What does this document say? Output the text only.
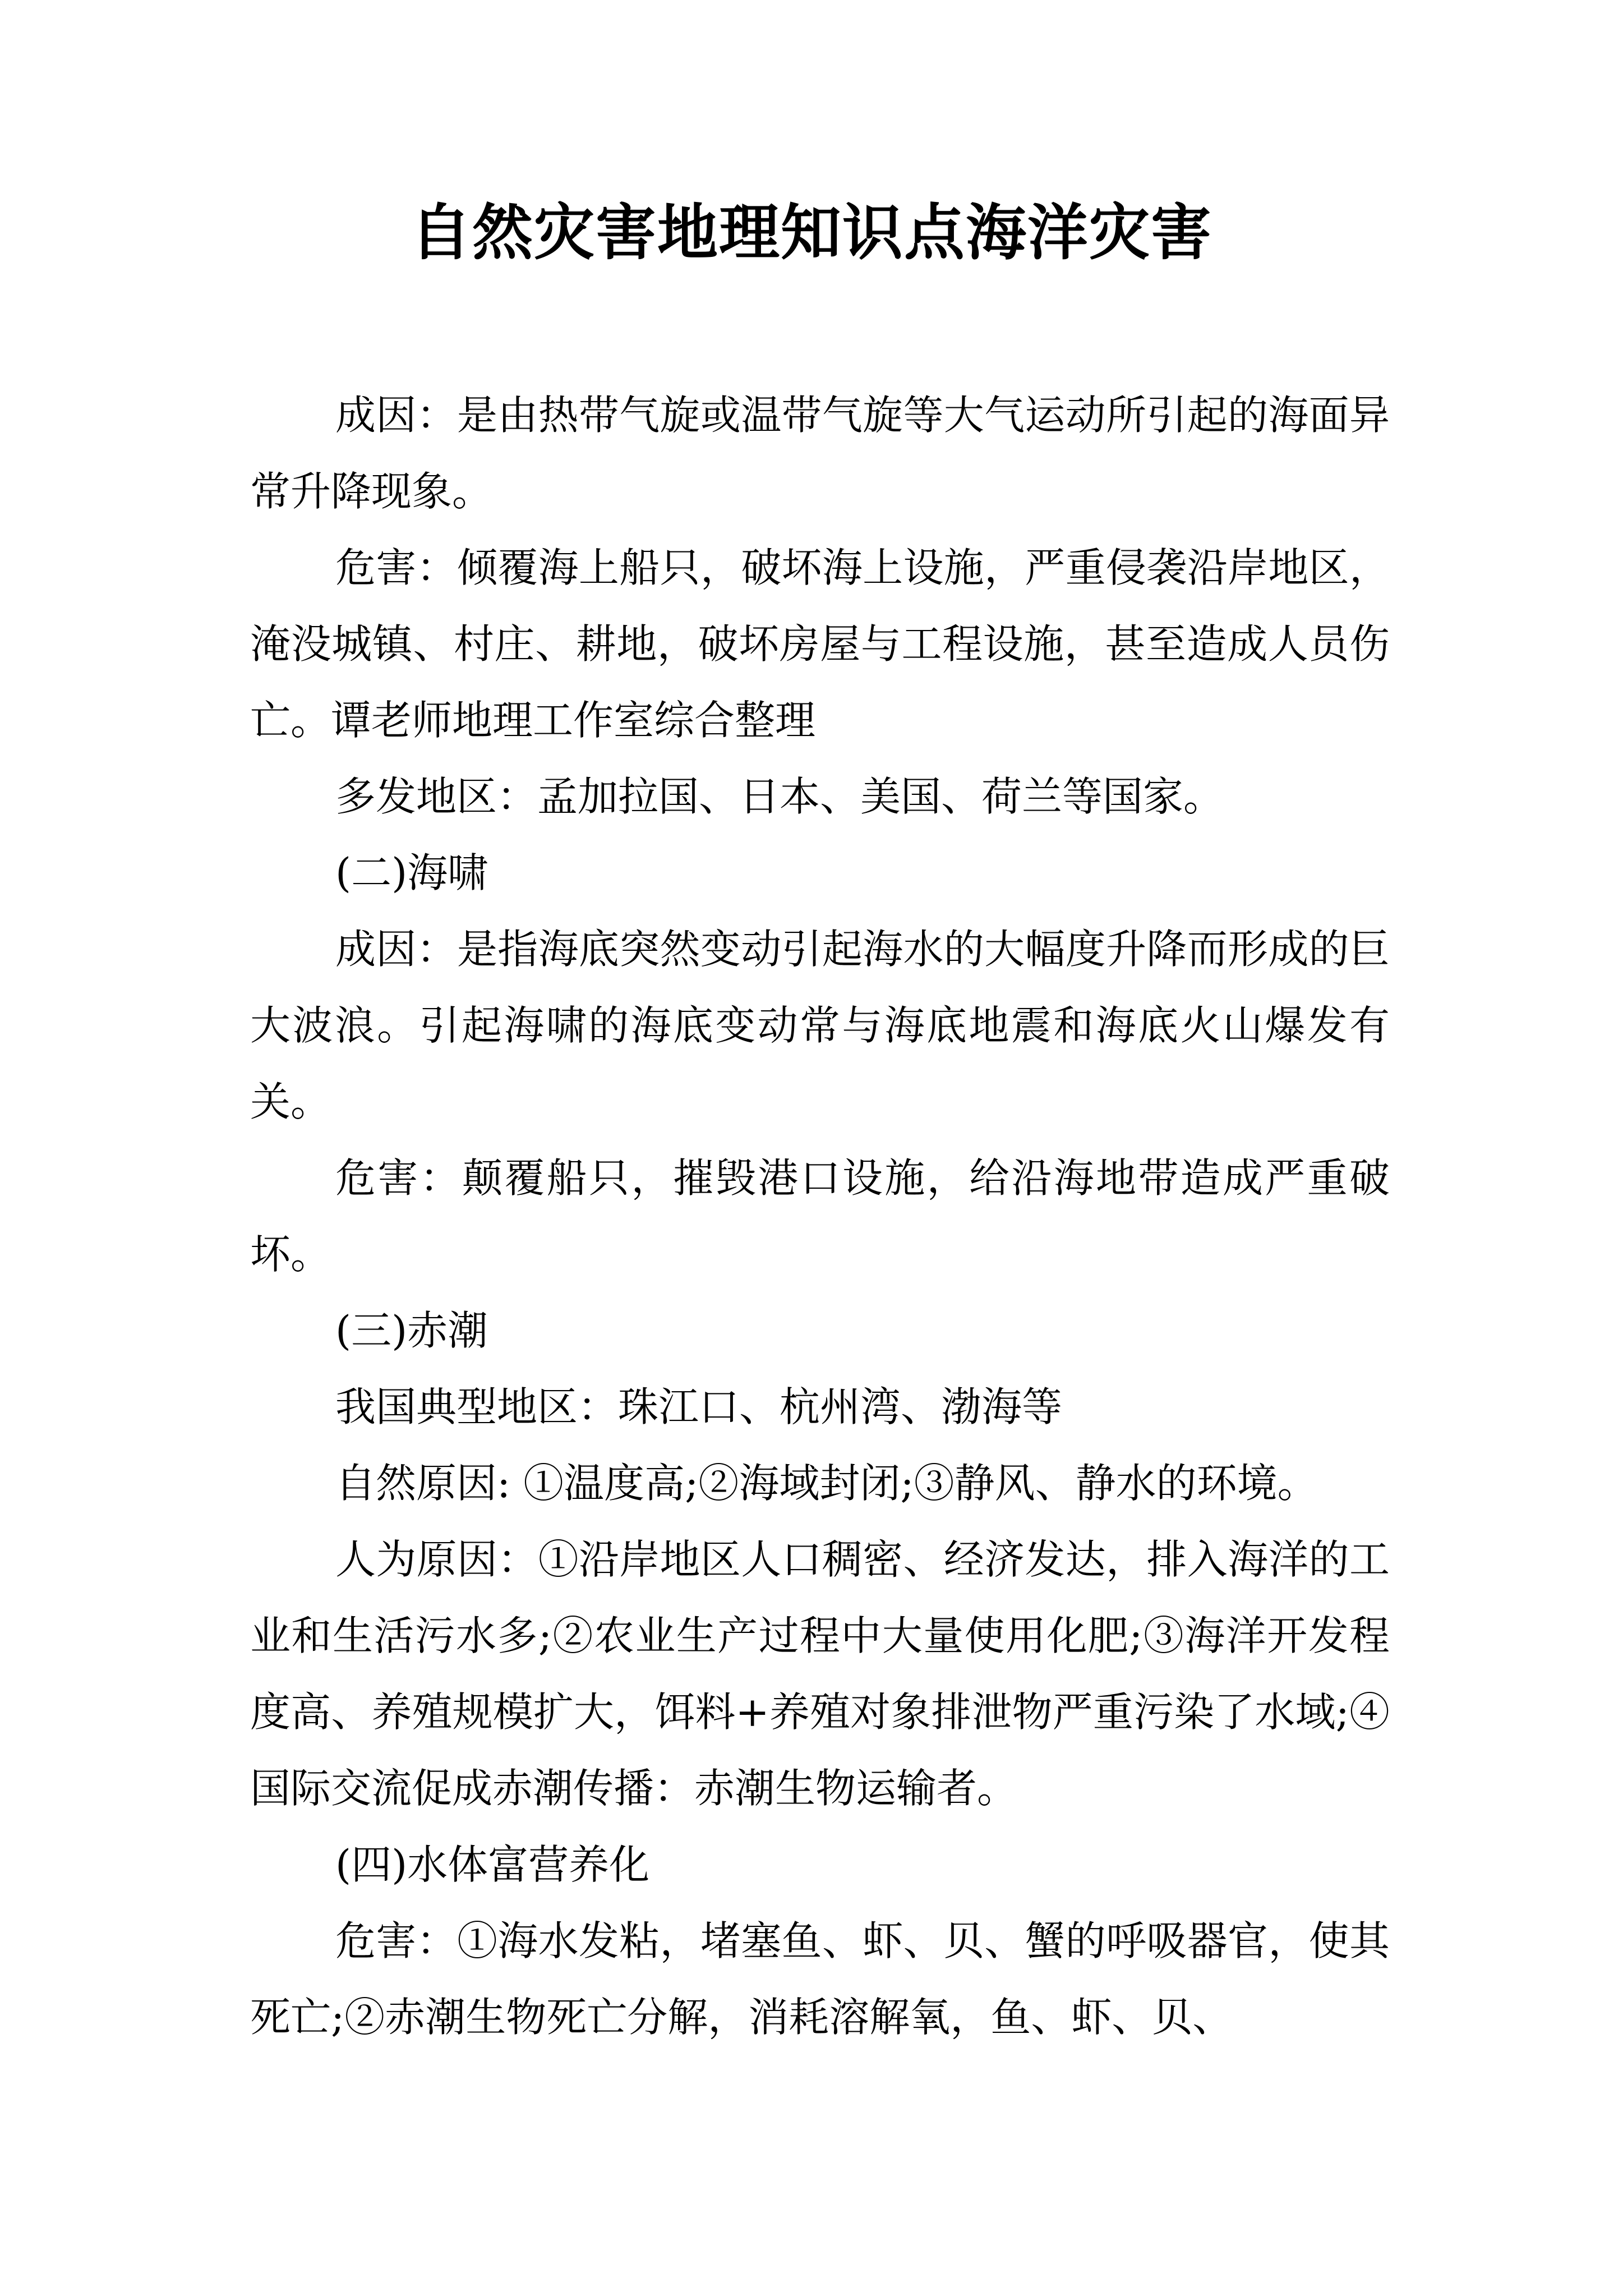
自然灾害地理知识点海洋灾害

成因：是由热带气旋或温带气旋等大气运动所引起的海面异常升降现象。

危害：倾覆海上船只，破坏海上设施，严重侵袭沿岸地区，淹没城镇、村庄、耕地，破坏房屋与工程设施，甚至造成人员伤亡。谭老师地理工作室综合整理

多发地区：孟加拉国、日本、美国、荷兰等国家。

(二)海啸

成因：是指海底突然变动引起海水的大幅度升降而形成的巨大波浪。引起海啸的海底变动常与海底地震和海底火山爆发有关。

危害：颠覆船只，摧毁港口设施，给沿海地带造成严重破坏。

(三)赤潮

我国典型地区：珠江口、杭州湾、渤海等

自然原因: ①温度高;②海域封闭;③静风、静水的环境。

人为原因：①沿岸地区人口稠密、经济发达，排入海洋的工业和生活污水多;②农业生产过程中大量使用化肥;③海洋开发程度高、养殖规模扩大，饵料+养殖对象排泄物严重污染了水域;④国际交流促成赤潮传播：赤潮生物运输者。

(四)水体富营养化

危害：①海水发粘，堵塞鱼、虾、贝、蟹的呼吸器官，使其死亡;②赤潮生物死亡分解，消耗溶解氧，鱼、虾、贝、
